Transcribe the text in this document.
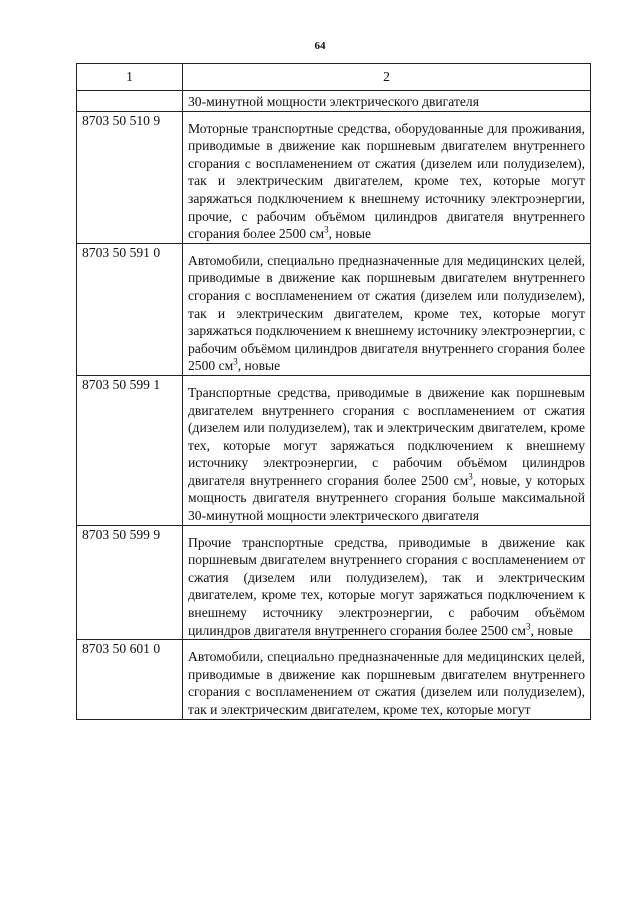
64
1	2
	30-минутной мощности электрического двигателя
8703 50 510 9	Моторные транспортные средства, оборудованные для проживания, приводимые в движение как поршневым двигателем внутреннего сгорания с воспламенением от сжатия (дизелем или полудизелем), так и электрическим двигателем, кроме тех, которые могут заряжаться подключением к внешнему источнику электроэнергии, прочие, с рабочим объёмом цилиндров двигателя внутреннего сгорания более 2500 $см^3$, новые
8703 50 591 0	Автомобили, специально предназначенные для медицинских целей, приводимые в движение как поршневым двигателем внутреннего сгорания с воспламенением от сжатия (дизелем или полудизелем), так и электрическим двигателем, кроме тех, которые могут заряжаться подключением к внешнему источнику электроэнергии, с рабочим объёмом цилиндров двигателя внутреннего сгорания более 2500 $см^3$, новые
8703 50 599 1	Транспортные средства, приводимые в движение как поршневым двигателем внутреннего сгорания с воспламенением от сжатия (дизелем или полудизелем), так и электрическим двигателем, кроме тех, которые могут заряжаться подключением к внешнему источнику электроэнергии, с рабочим объёмом цилиндров двигателя внутреннего сгорания более 2500 $см^3$, новые, у которых мощность двигателя внутреннего сгорания больше максимальной 30-минутной мощности электрического двигателя
8703 50 599 9	Прочие транспортные средства, приводимые в движение как поршневым двигателем внутреннего сгорания с воспламенением от сжатия (дизелем или полудизелем), так и электрическим двигателем, кроме тех, которые могут заряжаться подключением к внешнему источнику электроэнергии, с рабочим объёмом цилиндров двигателя внутреннего сгорания более 2500 $см^3$, новые
8703 50 601 0	Автомобили, специально предназначенные для медицинских целей, приводимые в движение как поршневым двигателем внутреннего сгорания с воспламенением от сжатия (дизелем или полудизелем), так и электрическим двигателем, кроме тех, которые могут
